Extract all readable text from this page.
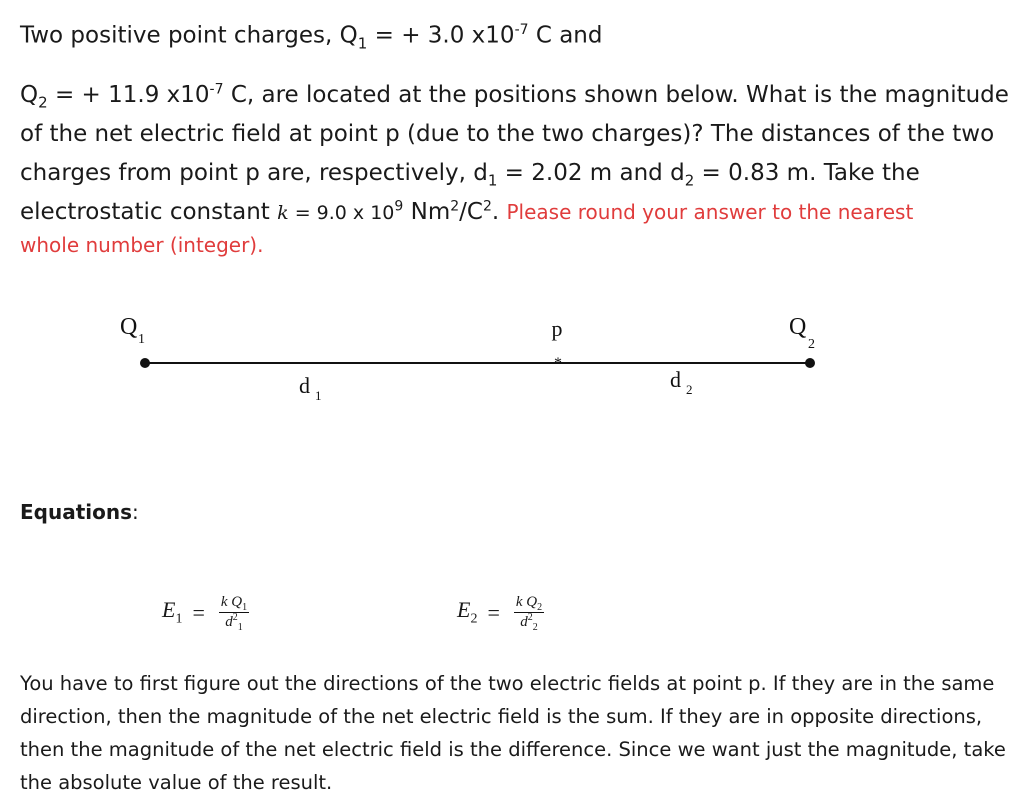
Two positive point charges, $Q_1$ = + 3.0 $x10^{-7}$ C and
$Q_2$ = + 11.9 $x10^{-7}$ C, are located at the positions shown below. What is the magnitude of the net electric field at point p (due to the two charges)? The distances of the two charges from point p are, respectively, $d_1 = 2.02$ m and $d_2 = 0.83$ m. Take the electrostatic constant k = 9.0 x $10^9$ $Nm^2/C^2$. Please round your answer to the nearest
whole number (integer).
*
Q 1	p	Q
2
d 1
d 2
Equations:
$E_1 = \frac{k Q_1}{d^2_1}$	$E_2 = \frac{k Q_2}{d^2_2}$
You have to first figure out the directions of the two electric fields at point p. If they are in the same direction, then the magnitude of the net electric field is the sum. If they are in opposite directions, then the magnitude of the net electric field is the difference. Since we want just the magnitude, take the absolute value of the result.
